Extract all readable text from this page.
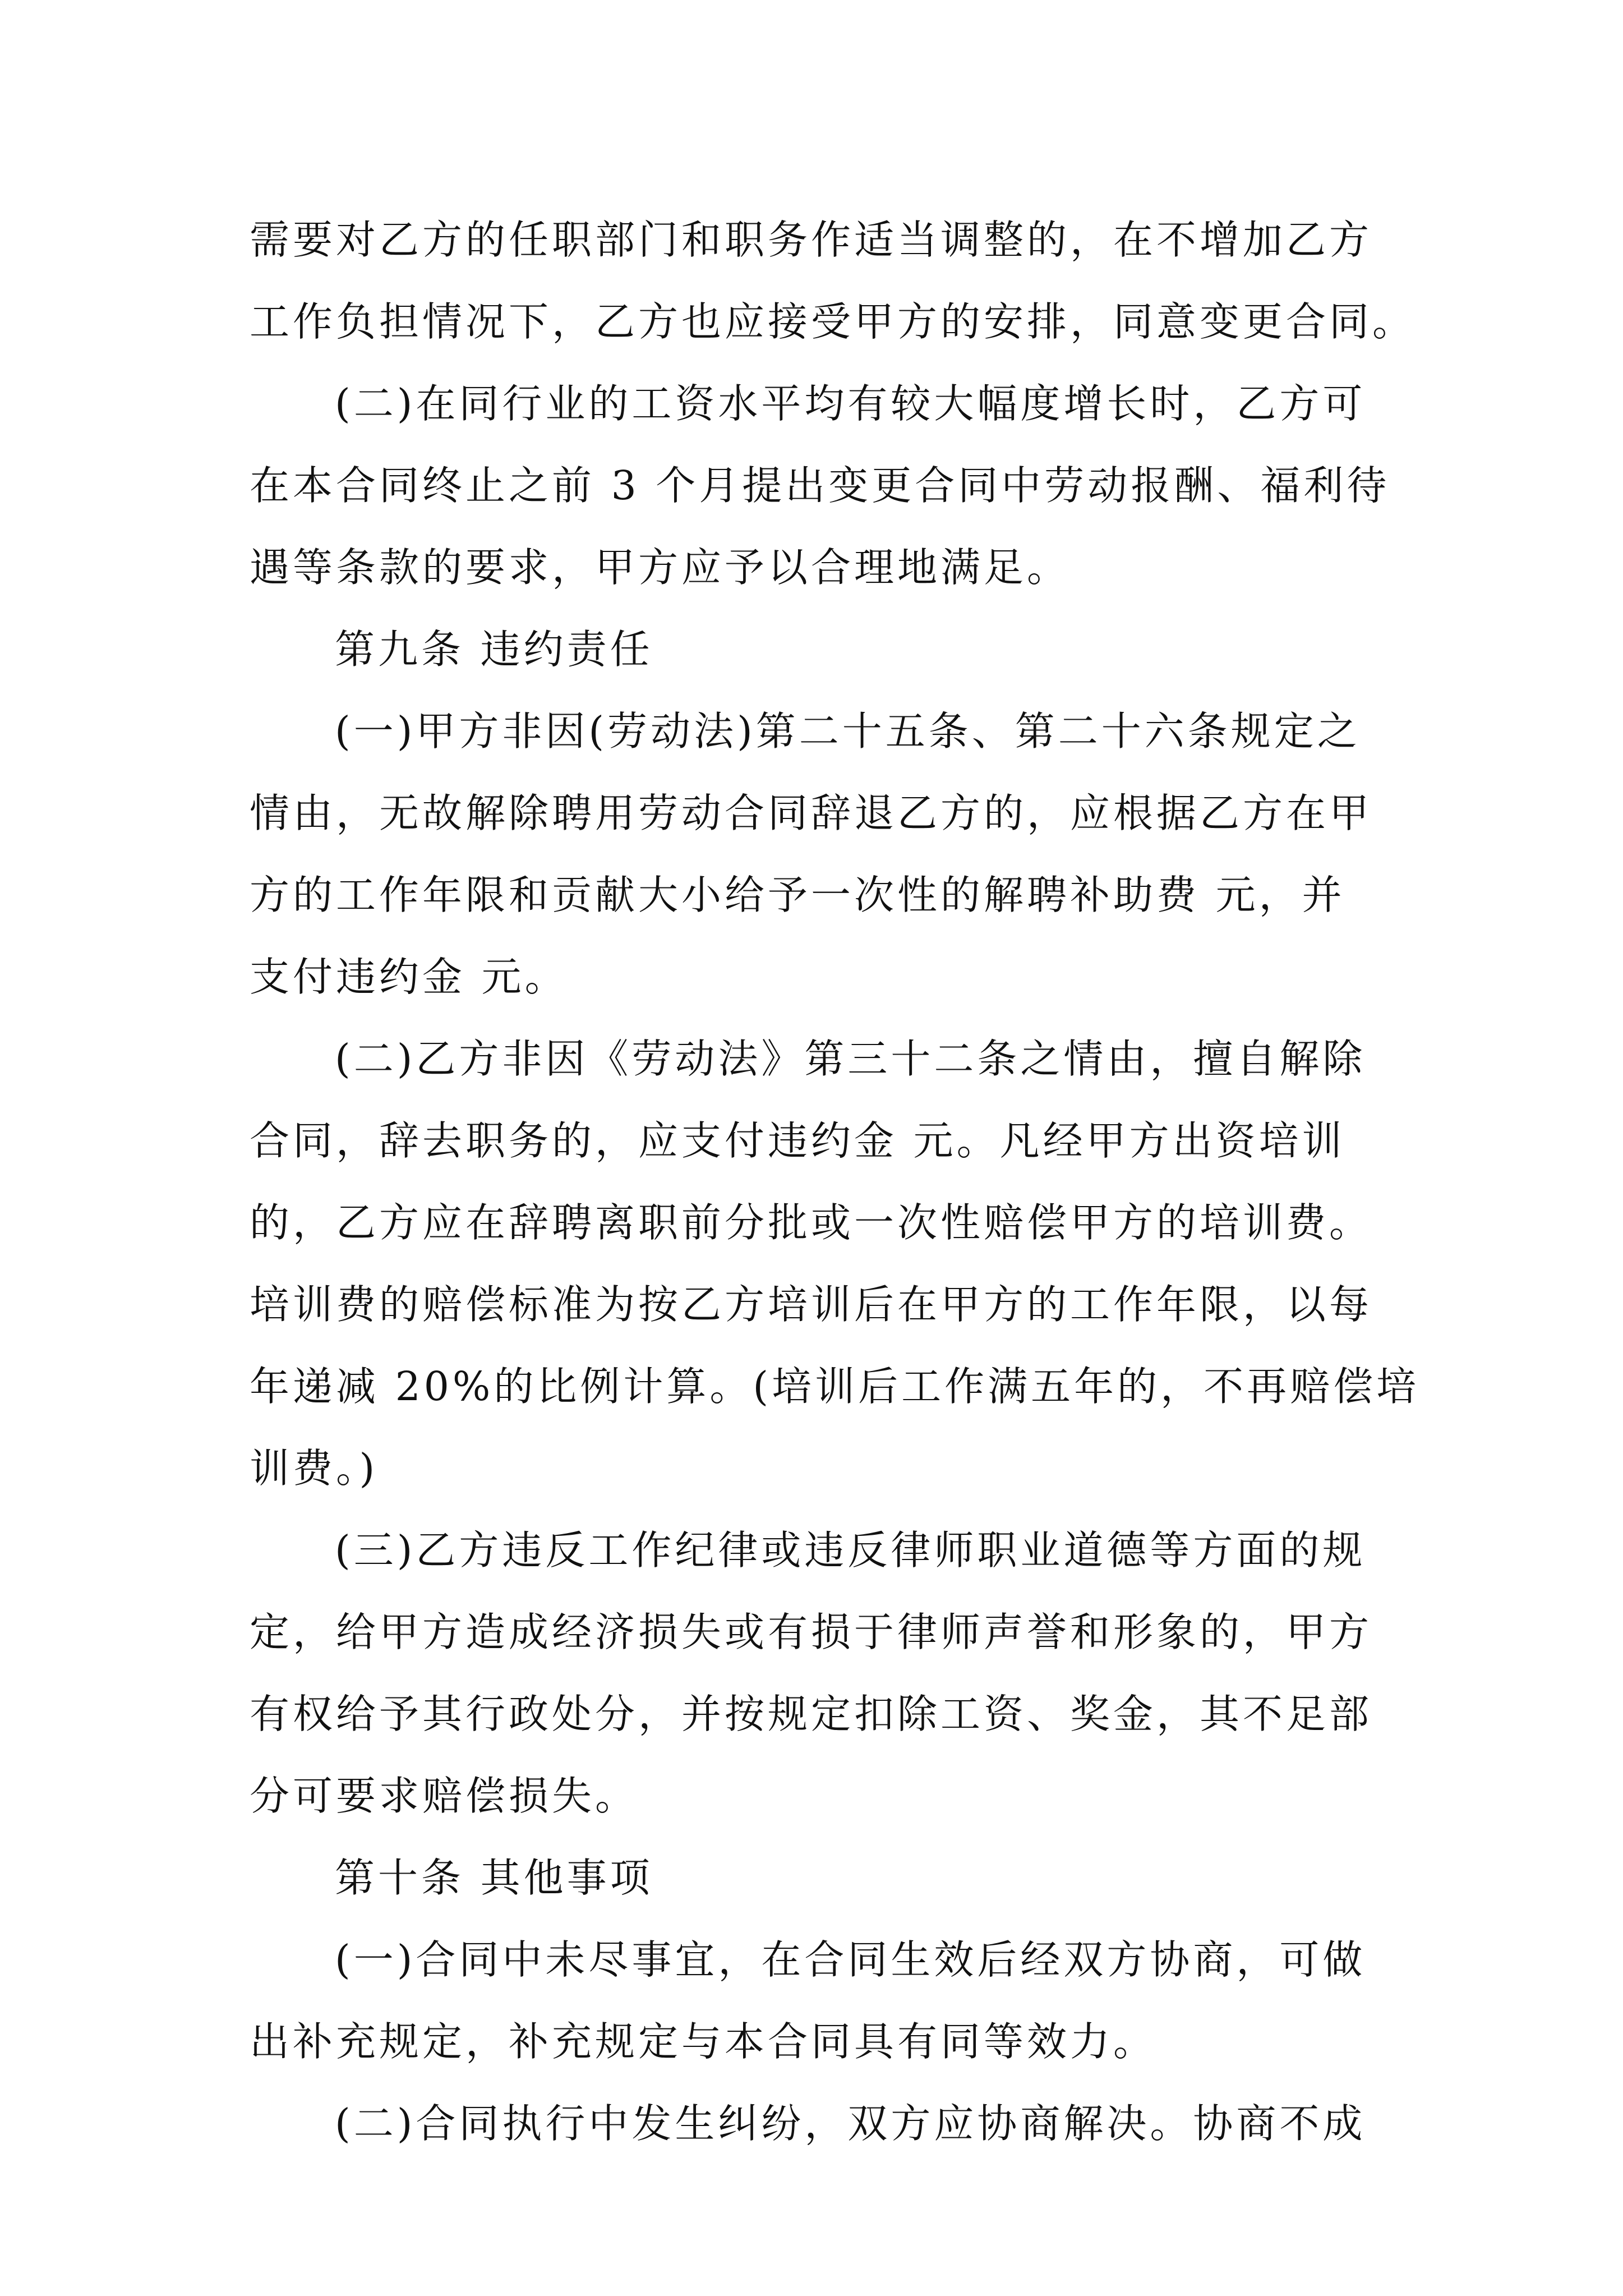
需要对乙方的任职部门和职务作适当调整的，在不增加乙方
工作负担情况下，乙方也应接受甲方的安排，同意变更合同。
(二)在同行业的工资水平均有较大幅度增长时，乙方可
在本合同终止之前 3 个月提出变更合同中劳动报酬、福利待
遇等条款的要求，甲方应予以合理地满足。
第九条 违约责任
(一)甲方非因(劳动法)第二十五条、第二十六条规定之
情由，无故解除聘用劳动合同辞退乙方的，应根据乙方在甲
方的工作年限和贡献大小给予一次性的解聘补助费 元，并
支付违约金 元。
(二)乙方非因《劳动法》第三十二条之情由，擅自解除
合同，辞去职务的，应支付违约金 元。凡经甲方出资培训
的，乙方应在辞聘离职前分批或一次性赔偿甲方的培训费。
培训费的赔偿标准为按乙方培训后在甲方的工作年限，以每
年递减 20%的比例计算。(培训后工作满五年的，不再赔偿培
训费。)
(三)乙方违反工作纪律或违反律师职业道德等方面的规
定，给甲方造成经济损失或有损于律师声誉和形象的，甲方
有权给予其行政处分，并按规定扣除工资、奖金，其不足部
分可要求赔偿损失。
第十条 其他事项
(一)合同中未尽事宜，在合同生效后经双方协商，可做
出补充规定，补充规定与本合同具有同等效力。
(二)合同执行中发生纠纷，双方应协商解决。协商不成
